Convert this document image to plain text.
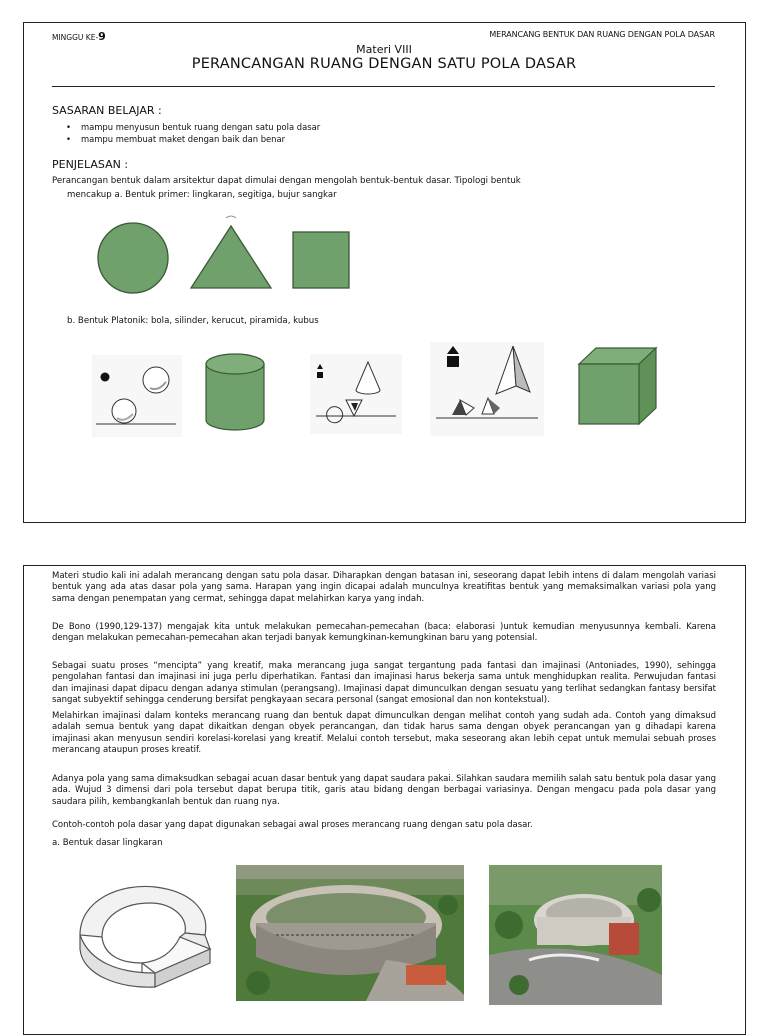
MINGGU KE-9	MERANCANG BENTUK DAN RUANG DENGAN POLA DASAR
Materi VIII
PERANCANGAN RUANG DENGAN SATU POLA DASAR
SASARAN BELAJAR :
• mampu menyusun bentuk ruang dengan satu pola dasar
• mampu membuat maket dengan baik dan benar
PENJELASAN :
Perancangan bentuk dalam arsitektur dapat dimulai dengan mengolah bentuk-bentuk dasar. Tipologi bentuk
mencakup a. Bentuk primer: lingkaran, segitiga, bujur sangkar
b. Bentuk Platonik: bola, silinder, kerucut, piramida, kubus
Materi studio kali ini adalah merancang dengan satu pola dasar. Diharapkan dengan batasan ini, seseorang dapat lebih intens di dalam mengolah variasi bentuk yang ada atas dasar pola yang sama. Harapan yang ingin dicapai adalah munculnya kreatifitas bentuk yang memaksimalkan variasi pola yang sama dengan penempatan yang cermat, sehingga dapat melahirkan karya yang indah.
De Bono (1990,129-137) mengajak kita untuk melakukan pemecahan-pemecahan (baca: elaborasi )untuk kemudian menyusunnya kembali. Karena dengan melakukan pemecahan-pemecahan akan terjadi banyak kemungkinan-kemungkinan baru yang potensial.
Sebagai suatu proses “mencipta” yang kreatif, maka merancang juga sangat tergantung pada fantasi dan imajinasi (Antoniades, 1990), sehingga pengolahan fantasi dan imajinasi ini juga perlu diperhatikan. Fantasi dan imajinasi harus bekerja sama untuk menghidupkan realita. Perwujudan fantasi dan imajinasi dapat dipacu dengan adanya stimulan (perangsang). Imajinasi dapat dimunculkan dengan sesuatu yang terlihat sedangkan fantasy bersifat sangat subyektif sehingga cenderung bersifat pengkayaan secara personal (sangat emosional dan non kontekstual).
Melahirkan imajinasi dalam konteks merancang ruang dan bentuk dapat dimunculkan dengan melihat contoh yang sudah ada. Contoh yang dimaksud adalah semua bentuk yang dapat dikaitkan dengan obyek perancangan, dan tidak harus sama dengan obyek perancangan yan g dihadapi karena imajinasi akan menyusun sendiri korelasi-korelasi yang kreatif. Melalui contoh tersebut, maka seseorang akan lebih cepat untuk memulai sebuah proses merancang ataupun proses kreatif.
Adanya pola yang sama dimaksudkan sebagai acuan dasar bentuk yang dapat saudara pakai. Silahkan saudara memilih salah satu bentuk pola dasar yang ada. Wujud 3 dimensi dari pola tersebut dapat berupa titik, garis atau bidang dengan berbagai variasinya. Dengan mengacu pada pola dasar yang saudara pilih, kembangkanlah bentuk dan ruang nya.
Contoh-contoh pola dasar yang dapat digunakan sebagai awal proses merancang ruang dengan satu pola dasar.
a. Bentuk dasar lingkaran
